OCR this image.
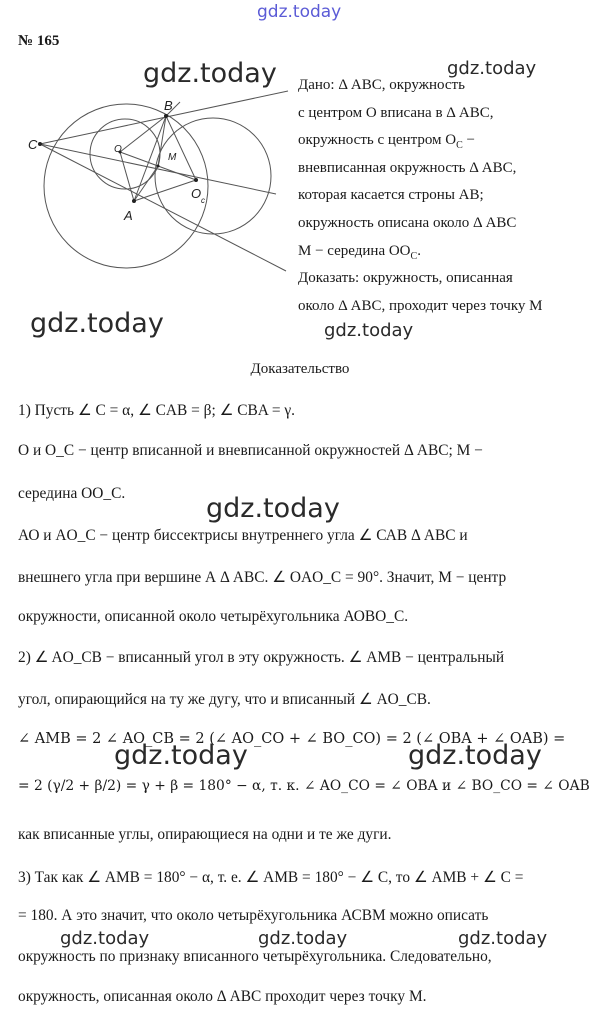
gdz.today
№ 165
C
B
A
O
M
O c
Дано: Δ АВС, окружность
с центром О вписана в Δ АВС,
окружность с центром $O_C$ −
вневписанная окружность Δ АВС,
которая касается строны АВ;
окружность описана около Δ АВС
М − середина $OO_C$.
Доказать: окружность, описанная
около Δ АВС, проходит через точку М
gdz.today	gdz.today
gdz.today	gdz.today
gdz.today
gdz.today	gdz.today
gdz.today	gdz.today	gdz.today
Доказательство
1) Пусть ∠ C = α, ∠ CAB = β; ∠ CBA = γ.
O и O_C − центр вписанной и вневписанной окружностей Δ АВС; М −
середина OO_C.
АО и АO_C − центр биссектрисы внутреннего угла ∠ САВ Δ АВС и
внешнего угла при вершине А Δ АВС. ∠ OAO_C = 90°. Значит, М − центр
окружности, описанной около четырёхугольника АОВO_C.
2) ∠ AO_CB − вписанный угол в эту окружность. ∠ AMB − центральный
угол, опирающийся на ту же дугу, что и вписанный ∠ AO_CB.
∠ AMB = 2 ∠ AO_CB = 2 (∠ AO_CO + ∠ BO_CO) = 2 (∠ OBA + ∠ OAB) =
= 2 (γ/2 + β/2) = γ + β = 180° − α, т. к. ∠ AO_CO = ∠ OBA и ∠ BO_CO = ∠ OAB
как вписанные углы, опирающиеся на одни и те же дуги.
3) Так как ∠ AMB = 180° − α, т. е. ∠ AMB = 180° − ∠ C, то ∠ AMB + ∠ C =
= 180. А это значит, что около четырёхугольника АСВМ можно описать
окружность по признаку вписанного четырёхугольника. Следовательно,
окружность, описанная около Δ АВС проходит через точку М.
